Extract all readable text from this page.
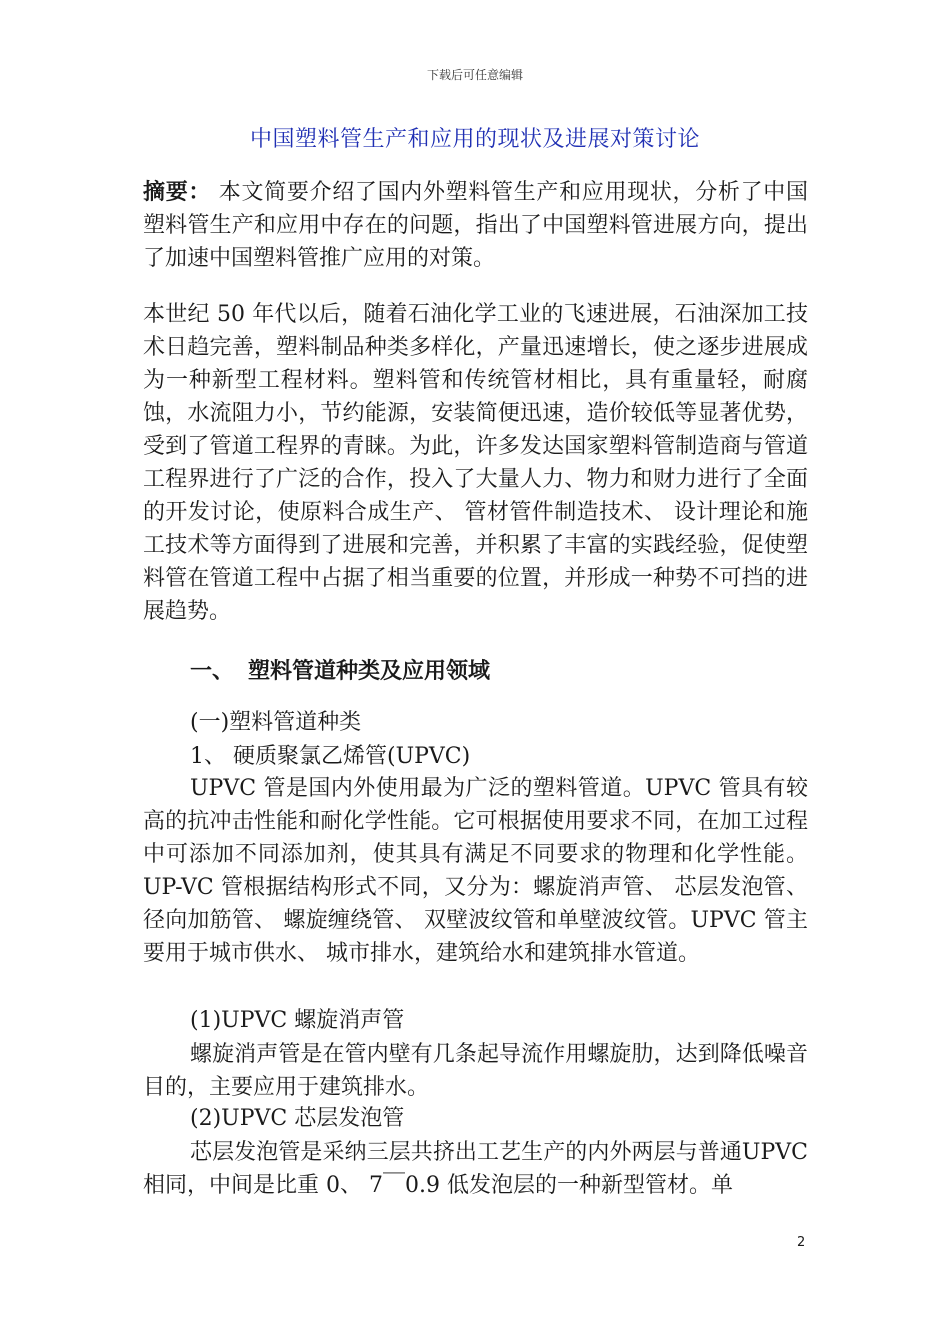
下载后可任意编辑
中国塑料管生产和应用的现状及进展对策讨论

摘要： 本文简要介绍了国内外塑料管生产和应用现状，分析了中国塑料管生产和应用中存在的问题，指出了中国塑料管进展方向，提出了加速中国塑料管推广应用的对策。

本世纪 50 年代以后，随着石油化学工业的飞速进展，石油深加工技术日趋完善，塑料制品种类多样化，产量迅速增长，使之逐步进展成为一种新型工程材料。塑料管和传统管材相比，具有重量轻，耐腐蚀，水流阻力小，节约能源，安装简便迅速，造价较低等显著优势，受到了管道工程界的青睐。为此，许多发达国家塑料管制造商与管道工程界进行了广泛的合作，投入了大量人力、物力和财力进行了全面的开发讨论，使原料合成生产、 管材管件制造技术、 设计理论和施工技术等方面得到了进展和完善，并积累了丰富的实践经验，促使塑料管在管道工程中占据了相当重要的位置，并形成一种势不可挡的进展趋势。

一、 塑料管道种类及应用领域
(一)塑料管道种类
1、 硬质聚氯乙烯管(UPVC)

UPVC 管是国内外使用最为广泛的塑料管道。UPVC 管具有较高的抗冲击性能和耐化学性能。它可根据使用要求不同，在加工过程中可添加不同添加剂，使其具有满足不同要求的物理和化学性能。UP-VC 管根据结构形式不同，又分为：螺旋消声管、 芯层发泡管、 径向加筋管、 螺旋缠绕管、 双壁波纹管和单壁波纹管。UPVC 管主要用于城市供水、 城市排水，建筑给水和建筑排水管道。

(1)UPVC 螺旋消声管

螺旋消声管是在管内壁有几条起导流作用螺旋肋，达到降低噪音目的，主要应用于建筑排水。

(2)UPVC 芯层发泡管

芯层发泡管是采纳三层共挤出工艺生产的内外两层与普通UPVC 相同，中间是比重 0、 7￣0.9 低发泡层的一种新型管材。单

2
